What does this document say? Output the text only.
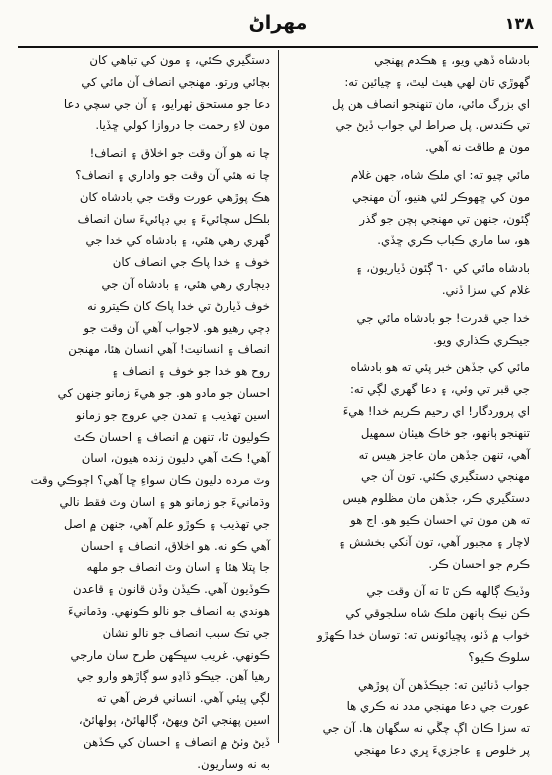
مهراڻ	۱۳۸
بادشاه ڏهي ويو، ۽ هڪدم پهنجي
گهوڙي تان لهي هيٺ ليٿ، ۽ چيائين ته:
اي بزرگ مائي، مان تنهنجو انصاف هن پل
تي ڪندس. پل صراط لي جواب ڏيڻ جي
مون ۾ طاقت نه آهي.
مائي چيو ته: اي ملڪ شاه، جهن غلام
مون کي ڇهوڪر لئي هنيو، آن مهنجي
ڳئون، جنهن تي مهنجي ٻچن جو گذر
هو، سا ماري ڪباب ڪري ڇڏي.
بادشاه مائي کي ٦٠ ڳئون ڏياريون، ۽
غلام کي سزا ڏني.
خدا جي قدرت! جو بادشاه مائي جي
جيڪري ڪذاري ويو.
مائي کي جڏهن خبر پئي ته هو بادشاه
جي قبر تي وئي، ۽ دعا گهري لڳي ته:
اي پروردگار! اي رحيم ڪريم خدا! هيءَ
تنهنجو ٻانهو، جو خاڪ هيٺان سمهيل
آهي، تنهن جڏهن مان عاجز هيس ته
مهنجي دستگيري ڪئي. تون آن جي
دستگيري ڪر، جڏهن مان مظلوم هيس
ته هن مون تي احسان ڪيو هو. اج هو
لاچار ۽ مجبور آهي، تون آنکي بخشش ۽
ڪرم جو احسان ڪر.
وڏيڪ ڳالهه ڪن ٿا ته آن وقت جي
ڪن نيڪ ٻانهن ملڪ شاه سلجوقي کي
خواب ۾ ڏٺو، پڇيائونس ته: توسان خدا ڪهڙو
سلوڪ ڪيو؟
جواب ڏنائين ته: جيڪڏهن آن پوڙهي
عورت جي دعا مهنجي مدد نه ڪري ها
ته سزا ڪان اڳ چڱي نه سگهان ها. آن جي
پر خلوص ۽ عاجزيءَ ڀري دعا مهنجي
دستگيري ڪئي، ۽ مون کي تباهي کان
بچائي ورتو. مهنجي انصاف آن مائي کي
دعا جو مستحق ٺهرايو، ۽ آن جي سچي دعا
مون لاءِ رحمت جا دروازا کولي ڇڏيا.
چا نه هو آن وقت جو اخلاق ۽ انصاف!
چا نه هئي آن وقت جو واداري ۽ انصاف؟
هڪ پوڙهي عورت وقت جي بادشاه کان
بلڪل سچائيءَ ۽ بي ڊپائيءَ سان انصاف
گهري رهي هئي، ۽ بادشاه کي خدا جي
خوف ۽ خدا پاڪ جي انصاف کان
ڊيڄاري رهي هئي، ۽ بادشاه آن جي
خوف ڏيارڻ تي خدا پاڪ کان ڪيترو نه
ڊڄي رهيو هو. لاجواب آهي آن وقت جو
انصاف ۽ انسانيت! آهي انسان هئا، مهنجن
روح هو خدا جو خوف ۽ انصاف ۽
احسان جو مادو هو. جو هيءَ زمانو جنهن کي
اسين تهذيب ۽ تمدن جي عروج جو زمانو
ڪوليون ٿا، تنهن ۾ انصاف ۽ احسان ڪٿ
آهي! ڪٿ آهي دليون زنده هيون، اسان
وٽ مرده دليون ڪان سواءِ ڇا آهي؟ اڄوڪي وقت
وڌمانيءَ جو زمانو هو ۽ اسان وٽ فقط نالي
جي تهذيب ۽ ڪوڙو علم آهي، جنهن ۾ اصل
آهي ڪو نه. هو اخلاق، انصاف ۽ احسان
جا پتلا هئا ۽ اسان وٽ انصاف جو ملهه
ڪوڏيون آهي. ڪيڏن وڏن قانون ۽ قاعدن
هوندي به انصاف جو نالو ڪونهي. وڌمانيءَ
جي تڪ سبب انصاف جو نالو نشان
ڪونهي. غريب سڀڪهن طرح سان مارجي
رهيا آهن. جيڪو ڏاڍو سو ڳاڙهو وارو جي
لڳي پيئي آهي. انساني فرض آهي ته
اسين پهنجي اٿڻ ويهڻ، ڳالهائڻ، ٻولهائڻ،
ڏيڻ وٺڻ ۾ انصاف ۽ احسان کي ڪڏهن
به نه وساريون.
